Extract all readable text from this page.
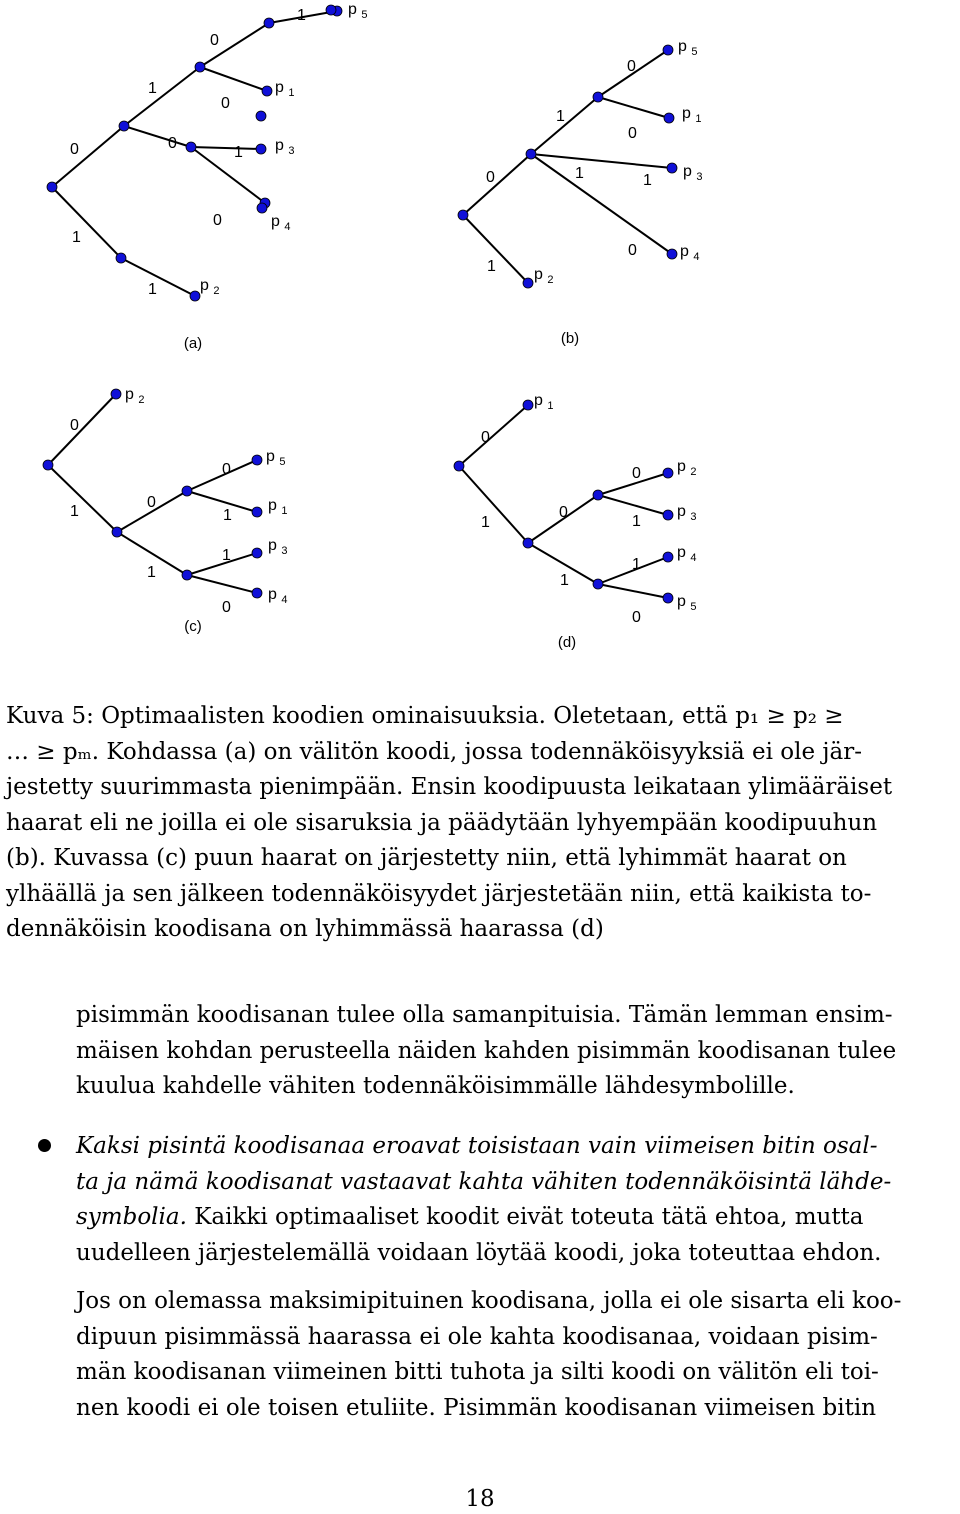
0
1
0
1
0
0
1
0
1
1
p $_5$
p $_1$
p $_3$
p $_4$
p $_2$
(a)
0
1
0
0
1	1
0
1
p $_5$
p $_1$
p $_3$
p $_4$
p $_2$
(b)
0
1
0
1
0
1
1
0
p $_2$
p $_5$
p $_1$
p $_3$
p $_4$
(c)
0
1
0
1
0
1
1
0
p $_1$
p $_2$
p $_3$
p $_4$
p $_5$
(d)
Kuva 5: Optimaalisten koodien ominaisuuksia. Oletetaan, että p₁ ≥ p₂ ≥
… ≥ pₘ. Kohdassa (a) on välitön koodi, jossa todennäköisyyksiä ei ole jär-
jestetty suurimmasta pienimpään. Ensin koodipuusta leikataan ylimääräiset
haarat eli ne joilla ei ole sisaruksia ja päädytään lyhyempään koodipuuhun
(b). Kuvassa (c) puun haarat on järjestetty niin, että lyhimmät haarat on
ylhäällä ja sen jälkeen todennäköisyydet järjestetään niin, että kaikista to-
dennäköisin koodisana on lyhimmässä haarassa (d)
pisimmän koodisanan tulee olla samanpituisia. Tämän lemman ensim-
mäisen kohdan perusteella näiden kahden pisimmän koodisanan tulee
kuulua kahdelle vähiten todennäköisimmälle lähdesymbolille.
Kaksi pisintä koodisanaa eroavat toisistaan vain viimeisen bitin osal-
ta ja nämä koodisanat vastaavat kahta vähiten todennäköisintä lähde-
symbolia. Kaikki optimaaliset koodit eivät toteuta tätä ehtoa, mutta
uudelleen järjestelemällä voidaan löytää koodi, joka toteuttaa ehdon.
Jos on olemassa maksimipituinen koodisana, jolla ei ole sisarta eli koo-
dipuun pisimmässä haarassa ei ole kahta koodisanaa, voidaan pisim-
män koodisanan viimeinen bitti tuhota ja silti koodi on välitön eli toi-
nen koodi ei ole toisen etuliite. Pisimmän koodisanan viimeisen bitin
18
